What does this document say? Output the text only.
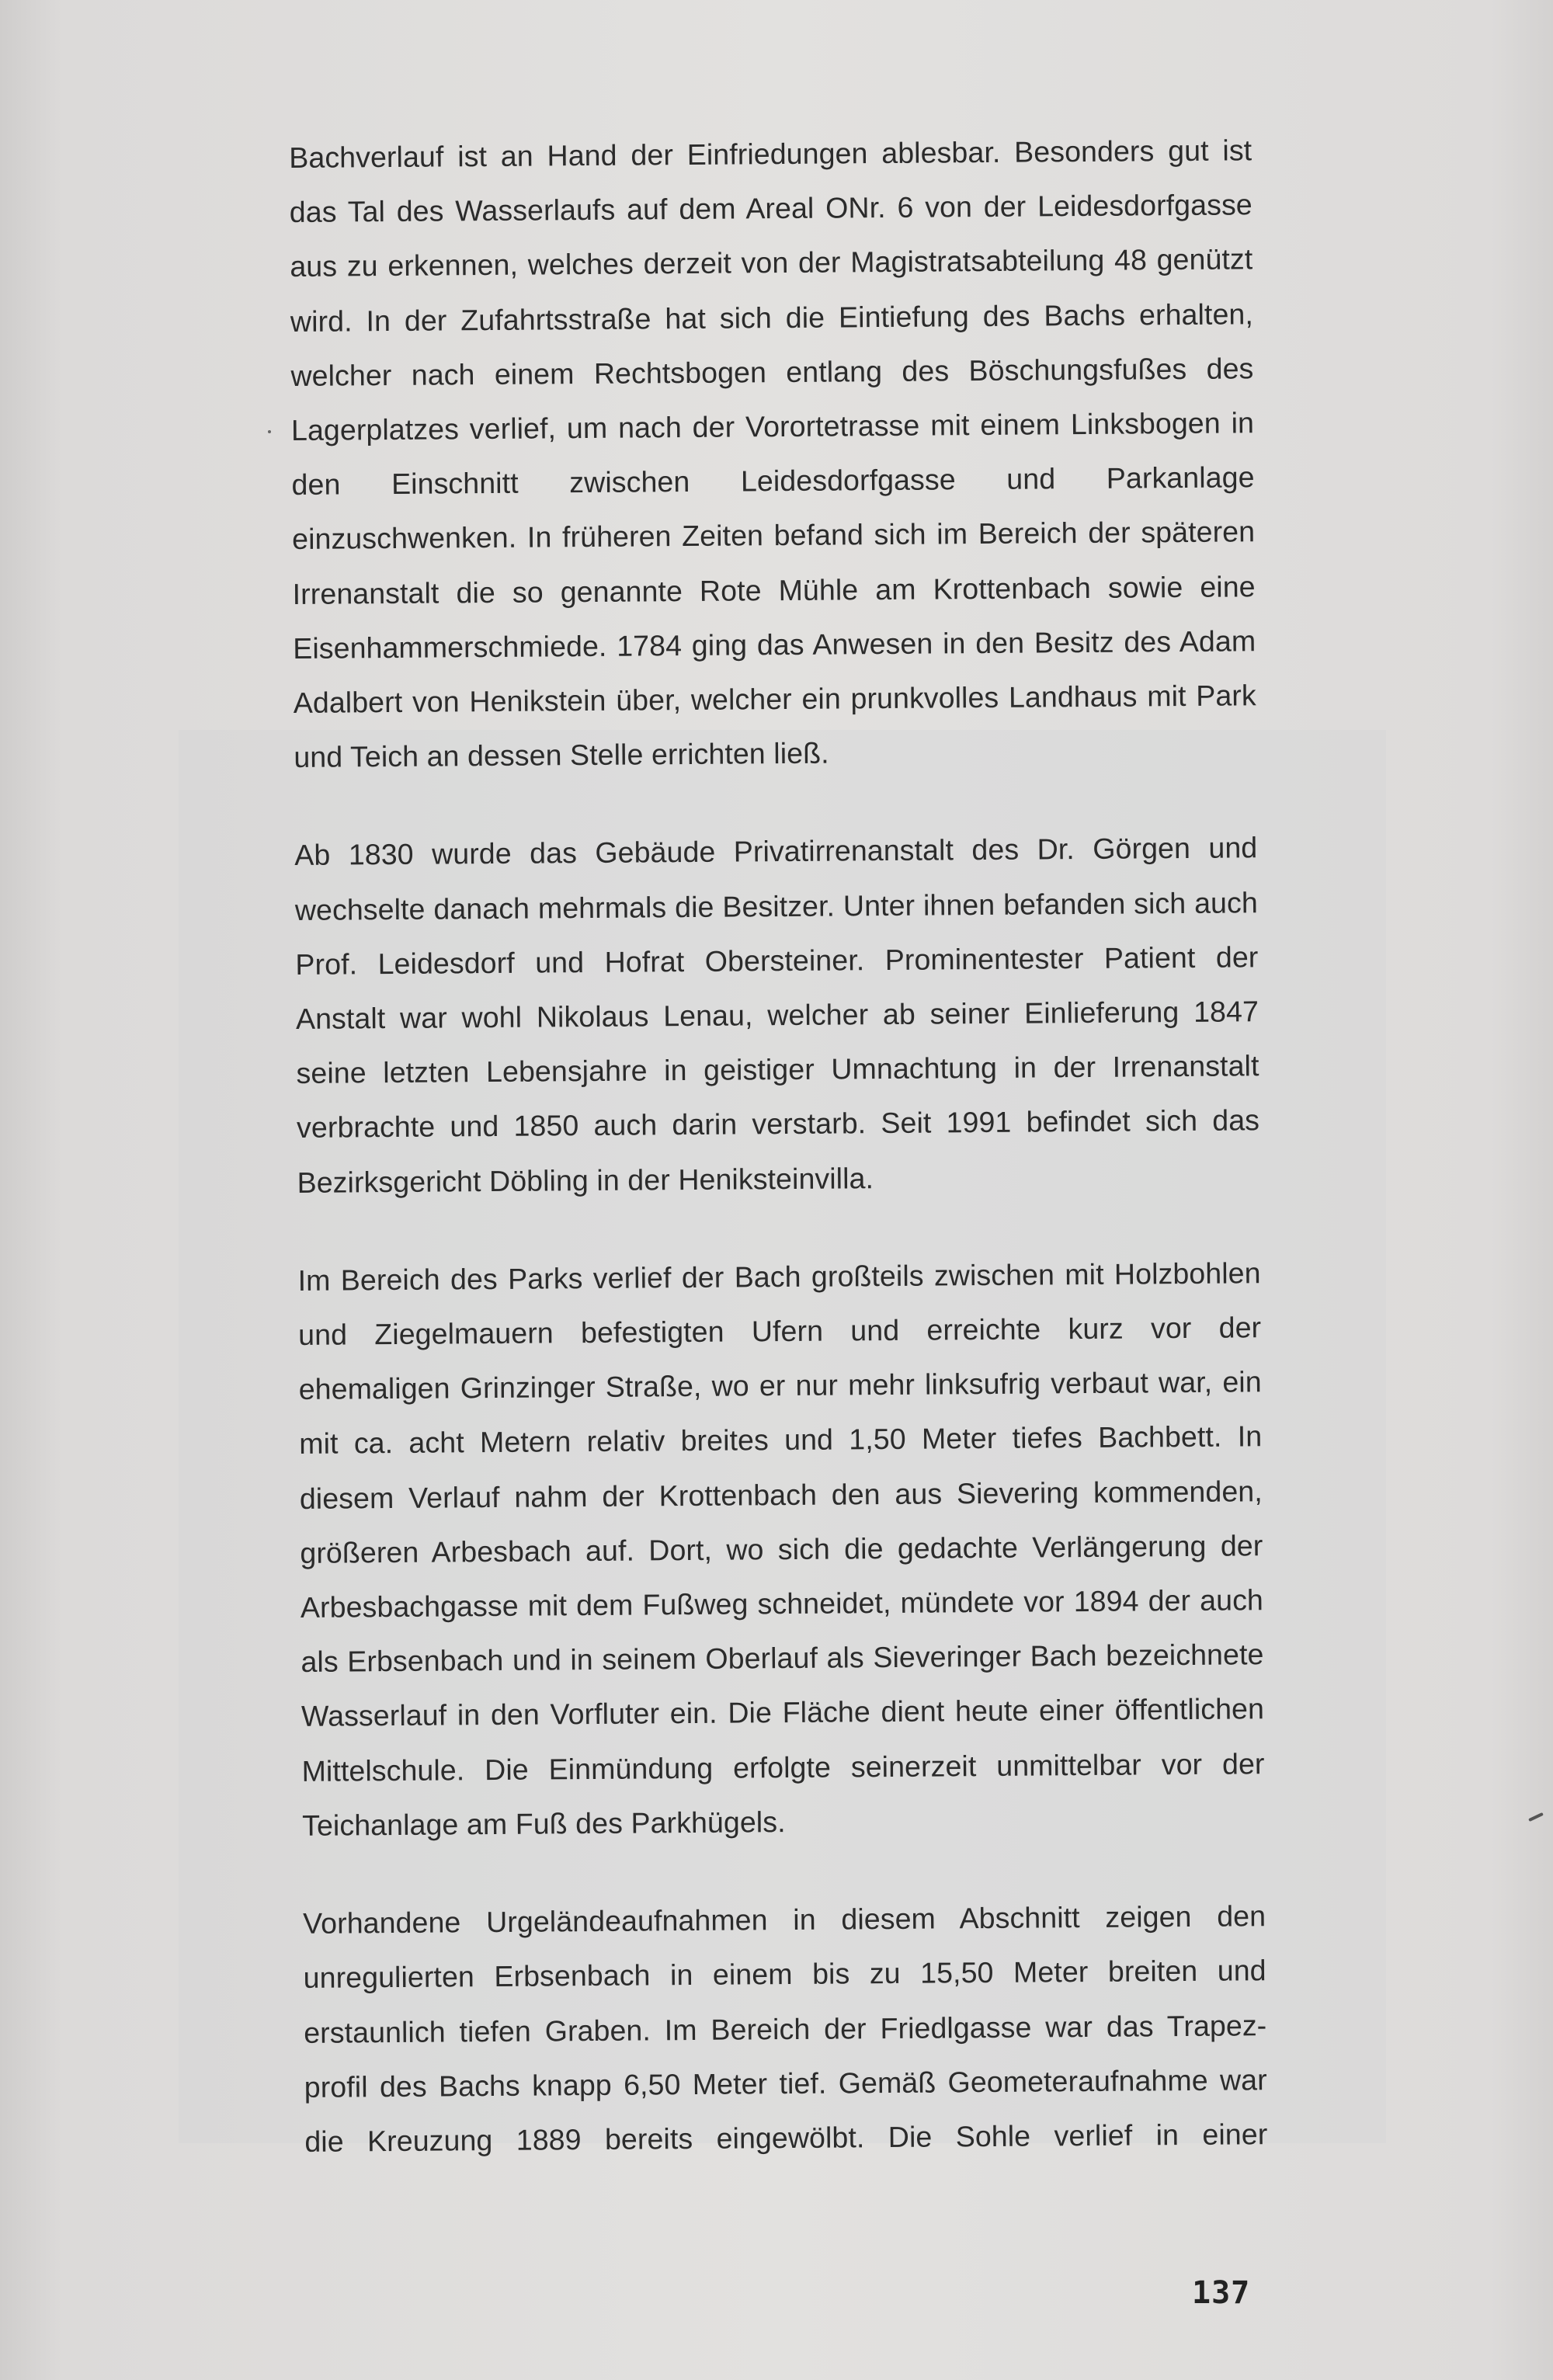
Bachverlauf ist an Hand der Einfriedungen ablesbar. Besonders gut ist das Tal des Wasserlaufs auf dem Areal ONr. 6 von der Leidesdorfgasse aus zu erkennen, welches derzeit von der Magistratsabteilung 48 genützt wird. In der Zufahrtsstraße hat sich die Eintiefung des Bachs erhalten, welcher nach einem Rechtsbogen entlang des Böschungsfußes des Lagerplatzes verlief, um nach der Vorortetrasse mit einem Linksbogen in den Einschnitt zwischen Leidesdorfgasse und Parkanlage einzuschwenken. In früheren Zeiten befand sich im Bereich der späteren Irrenanstalt die so genannte Rote Mühle am Krottenbach sowie eine Eisenhammerschmiede. 1784 ging das Anwesen in den Besitz des Adam Adalbert von Henikstein über, welcher ein prunkvolles Landhaus mit Park und Teich an dessen Stelle errichten ließ.

Ab 1830 wurde das Gebäude Privatirrenanstalt des Dr. Görgen und wechselte danach mehrmals die Besitzer. Unter ihnen befanden sich auch Prof. Leidesdorf und Hofrat Obersteiner. Prominentester Patient der Anstalt war wohl Nikolaus Lenau, welcher ab seiner Einlieferung 1847 seine letzten Lebensjahre in geistiger Umnachtung in der Irrenanstalt verbrachte und 1850 auch darin verstarb. Seit 1991 befindet sich das Bezirksgericht Döbling in der Heniksteinvilla.

Im Bereich des Parks verlief der Bach großteils zwischen mit Holzbohlen und Ziegelmauern befestigten Ufern und erreichte kurz vor der ehemaligen Grinzinger Straße, wo er nur mehr linksufrig verbaut war, ein mit ca. acht Metern relativ breites und 1,50 Meter tiefes Bachbett. In diesem Verlauf nahm der Krottenbach den aus Sievering kommenden, größeren Arbesbach auf. Dort, wo sich die gedachte Verlängerung der Arbesbachgasse mit dem Fußweg schneidet, mündete vor 1894 der auch als Erbsenbach und in seinem Oberlauf als Sieveringer Bach bezeichnete Wasserlauf in den Vorfluter ein. Die Fläche dient heute einer öffentlichen Mittelschule. Die Einmündung erfolgte seinerzeit unmittelbar vor der Teichanlage am Fuß des Parkhügels.

Vorhandene Urgeländeaufnahmen in diesem Abschnitt zeigen den unregulierten Erbsenbach in einem bis zu 15,50 Meter breiten und erstaunlich tiefen Graben. Im Bereich der Friedlgasse war das Trapezprofil des Bachs knapp 6,50 Meter tief. Gemäß Geometeraufnahme war die Kreuzung 1889 bereits eingewölbt. Die Sohle verlief in einer

137
